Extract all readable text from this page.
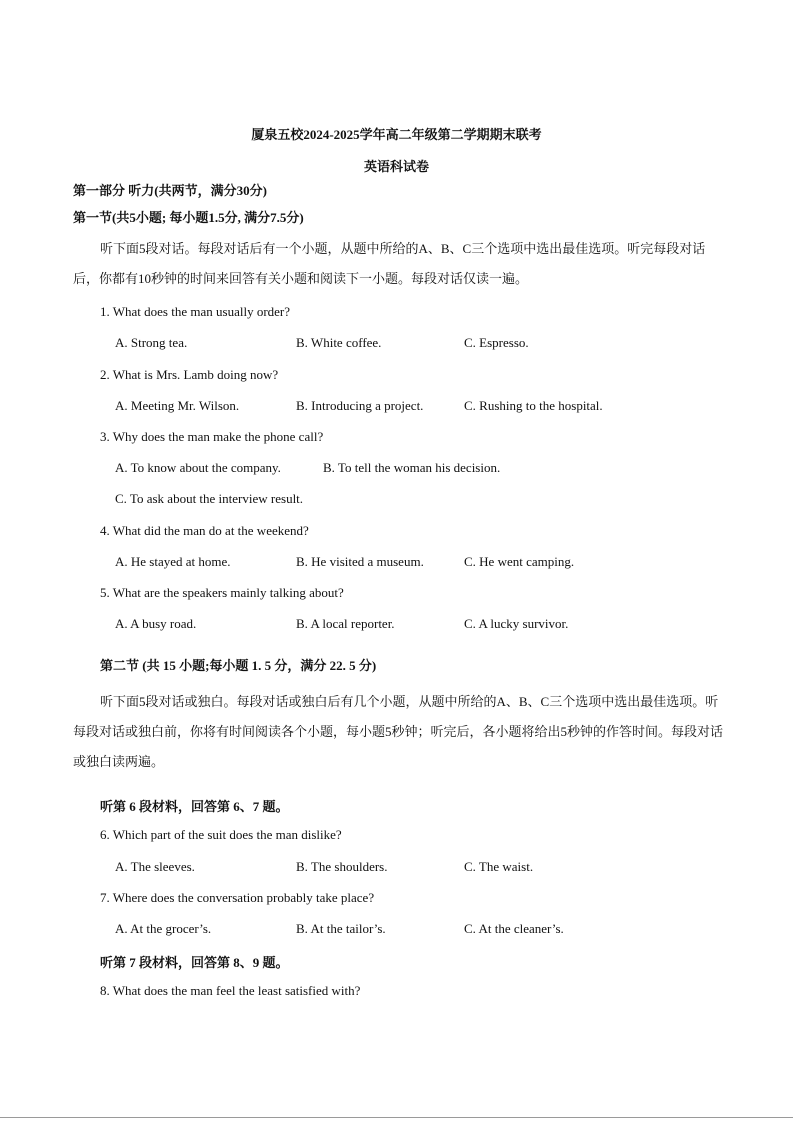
厦泉五校2024-2025学年高二年级第二学期期末联考
英语科试卷
第一部分 听力(共两节，满分30分)
第一节(共5小题; 每小题1.5分, 满分7.5分)
听下面5段对话。每段对话后有一个小题，从题中所给的A、B、C三个选项中选出最佳选项。听完每段对话后，你都有10秒钟的时间来回答有关小题和阅读下一小题。每段对话仅读一遍。
1. What does the man usually order?
A. Strong tea.	B. White coffee.	C. Espresso.
2. What is Mrs. Lamb doing now?
A. Meeting Mr. Wilson.	B. Introducing a project.	C. Rushing to the hospital.
3. Why does the man make the phone call?
A. To know about the company.	B. To tell the woman his decision.
C. To ask about the interview result.
4. What did the man do at the weekend?
A. He stayed at home.	B. He visited a museum.	C. He went camping.
5. What are the speakers mainly talking about?
A. A busy road.	B. A local reporter.	C. A lucky survivor.
第二节 (共 15 小题;每小题 1. 5 分，满分 22. 5 分)
听下面5段对话或独白。每段对话或独白后有几个小题，从题中所给的A、B、C三个选项中选出最佳选项。听每段对话或独白前，你将有时间阅读各个小题，每小题5秒钟；听完后，各小题将给出5秒钟的作答时间。每段对话或独白读两遍。
听第 6 段材料，回答第 6、7 题。
6. Which part of the suit does the man dislike?
A. The sleeves.	B. The shoulders.	C. The waist.
7. Where does the conversation probably take place?
A. At the grocer’s.	B. At the tailor’s.	C. At the cleaner’s.
听第 7 段材料，回答第 8、9 题。
8. What does the man feel the least satisfied with?
